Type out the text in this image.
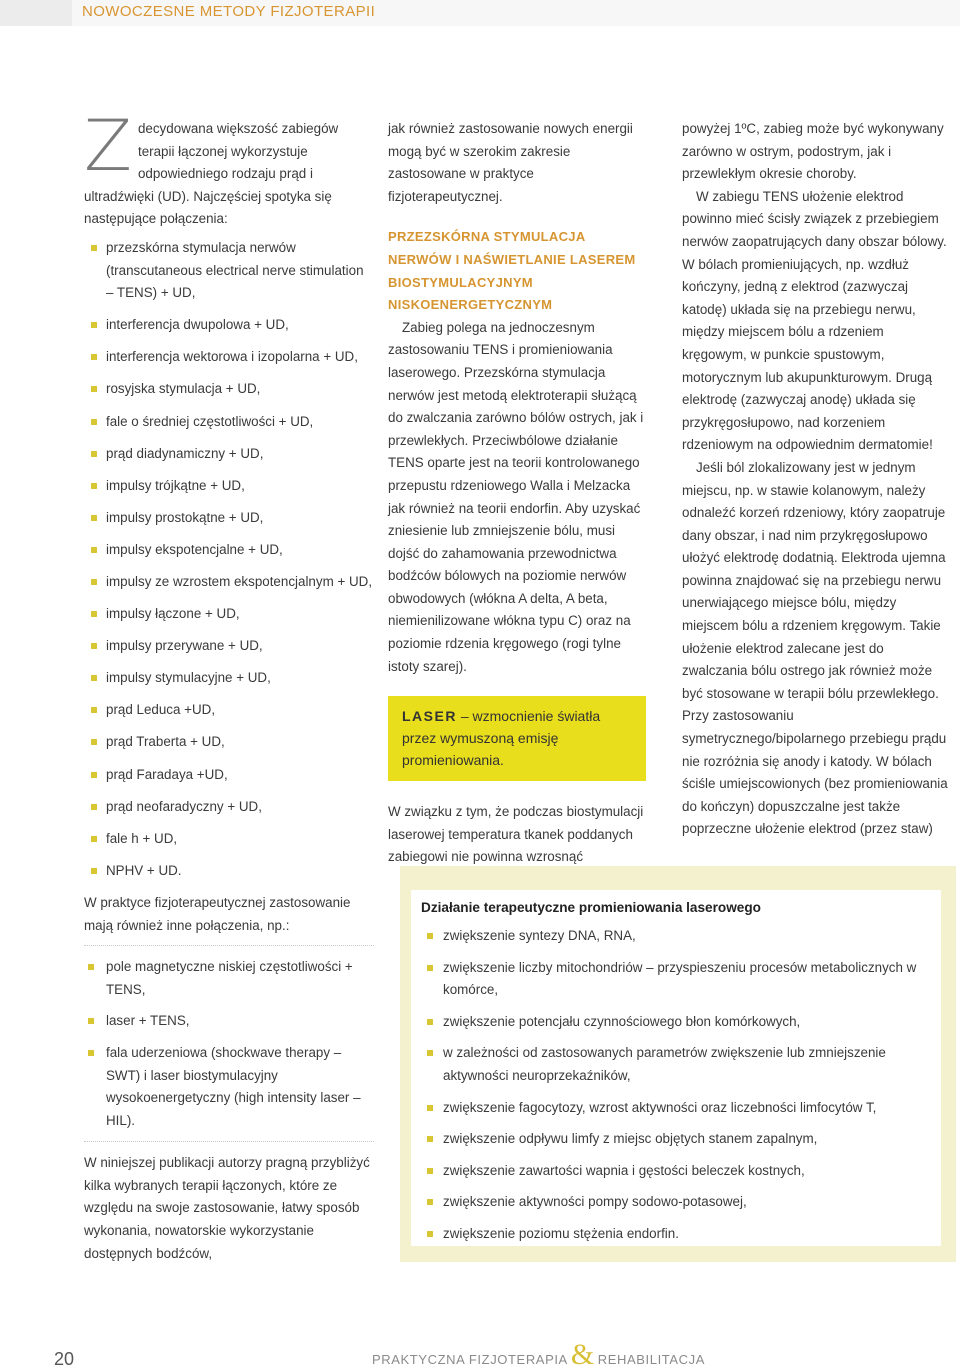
NOWOCZESNE METODY FIZJOTERAPII

Zdecydowana większość zabiegów terapii łączonej wykorzystuje odpowiedniego rodzaju prąd i ultradźwięki (UD). Najczęściej spotyka się następujące połączenia:

przezskórna stymulacja nerwów (transcutaneous electrical nerve stimulation – TENS) + UD,
interferencja dwupolowa + UD,
interferencja wektorowa i izopolarna + UD,
rosyjska stymulacja + UD,
fale o średniej częstotliwości + UD,
prąd diadynamiczny + UD,
impulsy trójkątne + UD,
impulsy prostokątne + UD,
impulsy ekspotencjalne + UD,
impulsy ze wzrostem ekspotencjalnym + UD,
impulsy łączone + UD,
impulsy przerywane + UD,
impulsy stymulacyjne + UD,
prąd Leduca +UD,
prąd Traberta + UD,
prąd Faradaya +UD,
prąd neofaradyczny + UD,
fale h + UD,
NPHV + UD.

W praktyce fizjoterapeutycznej zastosowanie mają również inne połączenia, np.:

pole magnetyczne niskiej częstotliwości + TENS,
laser + TENS,
fala uderzeniowa (shockwave therapy – SWT) i laser biostymulacyjny wysokoenergetyczny (high intensity laser – HIL).

W niniejszej publikacji autorzy pragną przybliżyć kilka wybranych terapii łączonych, które ze względu na swoje zastosowanie, łatwy sposób wykonania, nowatorskie wykorzystanie dostępnych bodźców,

jak również zastosowanie nowych energii mogą być w szerokim zakresie zastosowane w praktyce fizjoterapeutycznej.

PRZEZSKÓRNA STYMULACJA NERWÓW I NAŚWIETLANIE LASEREM BIOSTYMULACYJNYM NISKOENERGETYCZNYM

Zabieg polega na jednoczesnym zastosowaniu TENS i promieniowania laserowego. Przezskórna stymulacja nerwów jest metodą elektroterapii służącą do zwalczania zarówno bólów ostrych, jak i przewlekłych. Przeciwbólowe działanie TENS oparte jest na teorii kontrolowanego przepustu rdzeniowego Walla i Melzacka jak również na teorii endorfin. Aby uzyskać zniesienie lub zmniejszenie bólu, musi dojść do zahamowania przewodnictwa bodźców bólowych na poziomie nerwów obwodowych (włókna A delta, A beta, niemienilizowane włókna typu C) oraz na poziomie rdzenia kręgowego (rogi tylne istoty szarej).

LASER – wzmocnienie światła przez wymuszoną emisję promieniowania.

W związku z tym, że podczas biostymulacji laserowej temperatura tkanek poddanych zabiegowi nie powinna wzrosnąć

powyżej 1ºC, zabieg może być wykonywany zarówno w ostrym, podostrym, jak i przewlekłym okresie choroby.

W zabiegu TENS ułożenie elektrod powinno mieć ścisły związek z przebiegiem nerwów zaopatrujących dany obszar bólowy. W bólach promieniujących, np. wzdłuż kończyny, jedną z elektrod (zazwyczaj katodę) układa się na przebiegu nerwu, między miejscem bólu a rdzeniem kręgowym, w punkcie spustowym, motorycznym lub akupunkturowym. Drugą elektrodę (zazwyczaj anodę) układa się przykręgosłupowo, nad korzeniem rdzeniowym na odpowiednim dermatomie!

Jeśli ból zlokalizowany jest w jednym miejscu, np. w stawie kolanowym, należy odnaleźć korzeń rdzeniowy, który zaopatruje dany obszar, i nad nim przykręgosłupowo ułożyć elektrodę dodatnią. Elektroda ujemna powinna znajdować się na przebiegu nerwu unerwiającego miejsce bólu, między miejscem bólu a rdzeniem kręgowym. Takie ułożenie elektrod zalecane jest do zwalczania bólu ostrego jak również może być stosowane w terapii bólu przewlekłego. Przy zastosowaniu symetrycznego/bipolarnego przebiegu prądu nie rozróżnia się anody i katody. W bólach ściśle umiejscowionych (bez promieniowania do kończyn) dopuszczalne jest także poprzeczne ułożenie elektrod (przez staw)

Działanie terapeutyczne promieniowania laserowego
zwiększenie syntezy DNA, RNA,
zwiększenie liczby mitochondriów – przyspieszeniu procesów metabolicznych w komórce,
zwiększenie potencjału czynnościowego błon komórkowych,
w zależności od zastosowanych parametrów zwiększenie lub zmniejszenie aktywności neuroprzekaźników,
zwiększenie fagocytozy, wzrost aktywności oraz liczebności limfocytów T,
zwiększenie odpływu limfy z miejsc objętych stanem zapalnym,
zwiększenie zawartości wapnia i gęstości beleczek kostnych,
zwiększenie aktywności pompy sodowo-potasowej,
zwiększenie poziomu stężenia endorfin.
20	PRAKTYCZNA FIZJOTERAPIA & REHABILITACJA
